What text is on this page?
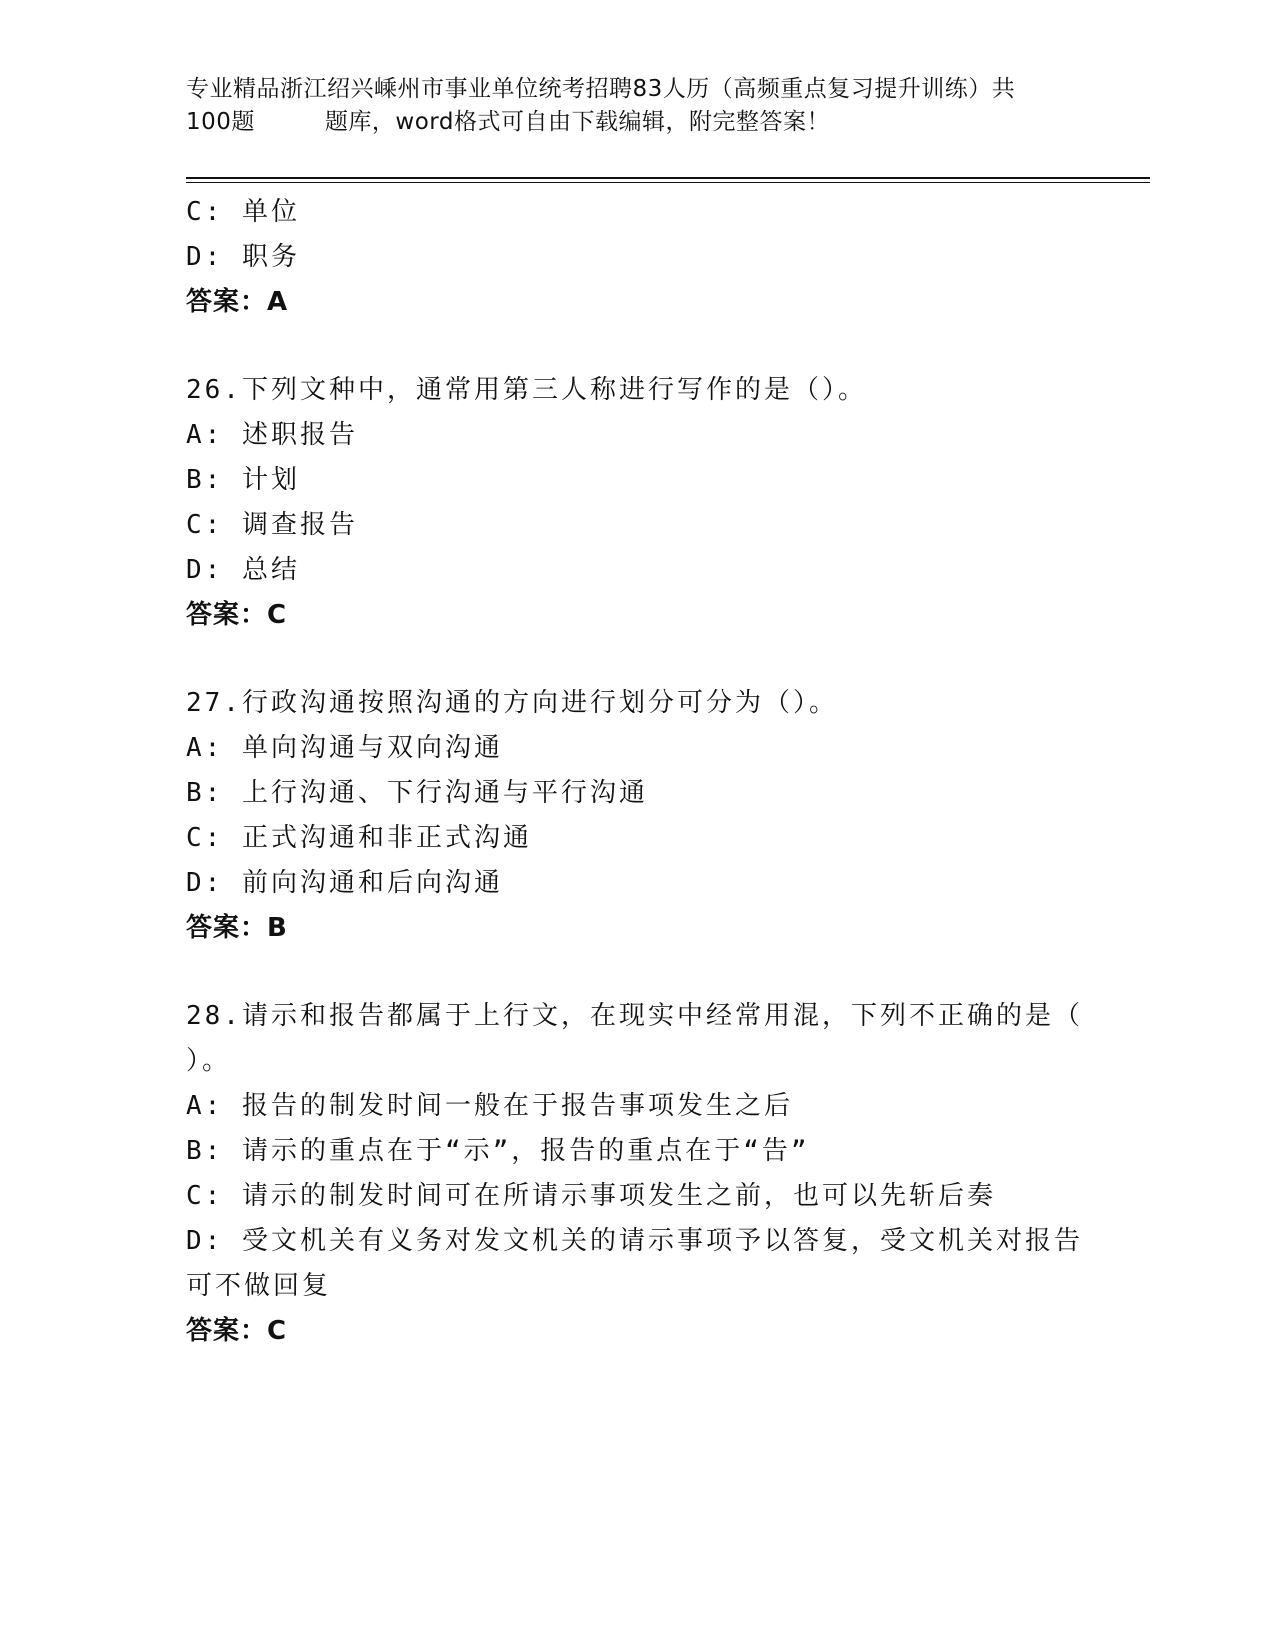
专业精品浙江绍兴嵊州市事业单位统考招聘83人历（高频重点复习提升训练）共
100题	题库，word格式可自由下载编辑，附完整答案！
C: 单位
D: 职务
答案：A
26.下列文种中，通常用第三人称进行写作的是（）。
A: 述职报告
B: 计划
C: 调查报告
D: 总结
答案：C
27.行政沟通按照沟通的方向进行划分可分为（）。
A: 单向沟通与双向沟通
B: 上行沟通、下行沟通与平行沟通
C: 正式沟通和非正式沟通
D: 前向沟通和后向沟通
答案：B
28.请示和报告都属于上行文，在现实中经常用混，下列不正确的是（
）。
A: 报告的制发时间一般在于报告事项发生之后
B: 请示的重点在于“示”，报告的重点在于“告”
C: 请示的制发时间可在所请示事项发生之前，也可以先斩后奏
D: 受文机关有义务对发文机关的请示事项予以答复，受文机关对报告
可不做回复
答案：C
